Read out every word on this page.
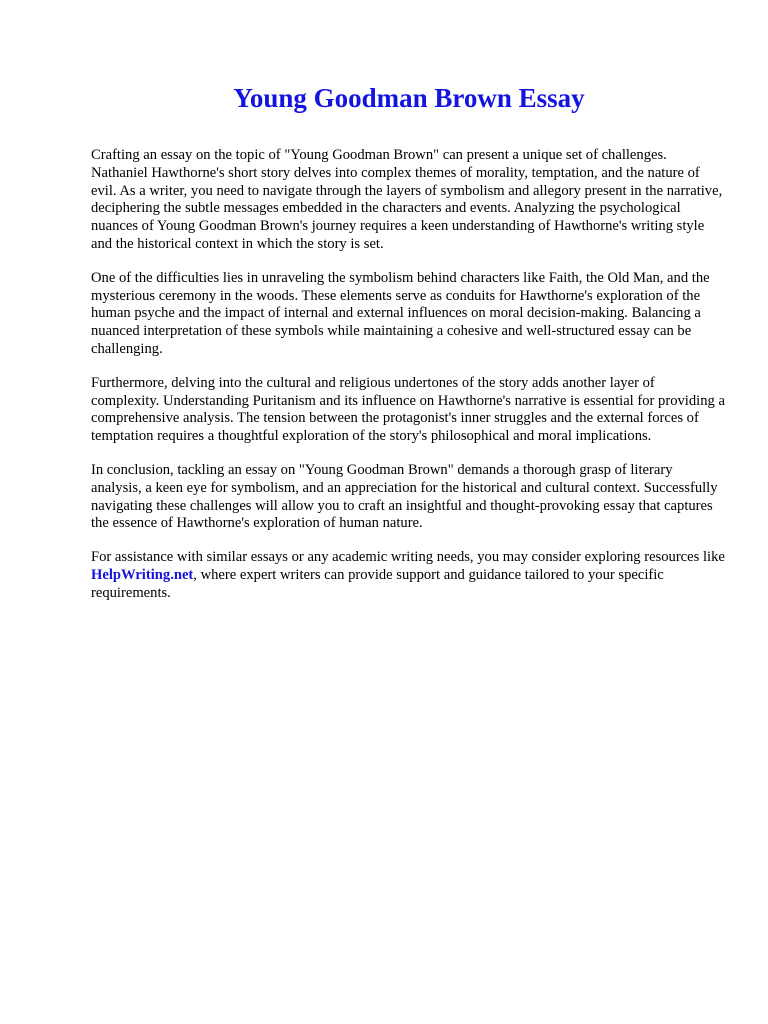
Young Goodman Brown Essay

Crafting an essay on the topic of "Young Goodman Brown" can present a unique set of challenges. Nathaniel Hawthorne's short story delves into complex themes of morality, temptation, and the nature of evil. As a writer, you need to navigate through the layers of symbolism and allegory present in the narrative, deciphering the subtle messages embedded in the characters and events. Analyzing the psychological nuances of Young Goodman Brown's journey requires a keen understanding of Hawthorne's writing style and the historical context in which the story is set.

One of the difficulties lies in unraveling the symbolism behind characters like Faith, the Old Man, and the mysterious ceremony in the woods. These elements serve as conduits for Hawthorne's exploration of the human psyche and the impact of internal and external influences on moral decision-making. Balancing a nuanced interpretation of these symbols while maintaining a cohesive and well-structured essay can be challenging.

Furthermore, delving into the cultural and religious undertones of the story adds another layer of complexity. Understanding Puritanism and its influence on Hawthorne's narrative is essential for providing a comprehensive analysis. The tension between the protagonist's inner struggles and the external forces of temptation requires a thoughtful exploration of the story's philosophical and moral implications.

In conclusion, tackling an essay on "Young Goodman Brown" demands a thorough grasp of literary analysis, a keen eye for symbolism, and an appreciation for the historical and cultural context. Successfully navigating these challenges will allow you to craft an insightful and thought-provoking essay that captures the essence of Hawthorne's exploration of human nature.

For assistance with similar essays or any academic writing needs, you may consider exploring resources like HelpWriting.net, where expert writers can provide support and guidance tailored to your specific requirements.
